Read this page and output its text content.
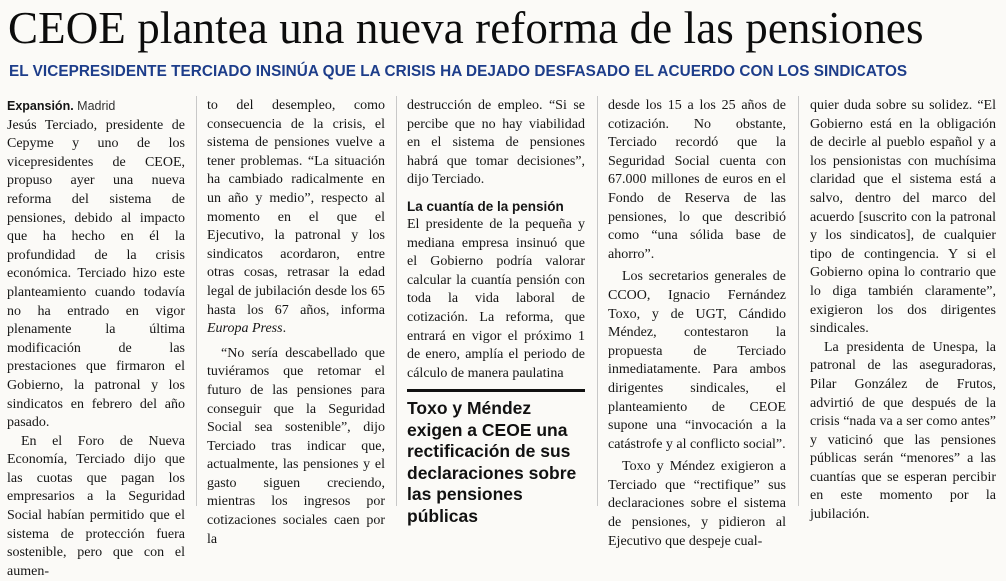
CEOE plantea una nueva reforma de las pensiones
EL VICEPRESIDENTE TERCIADO INSINÚA QUE LA CRISIS HA DEJADO DESFASADO EL ACUERDO CON LOS SINDICATOS

Expansión. Madrid

Jesús Terciado, presidente de Cepyme y uno de los vicepresidentes de CEOE, propuso ayer una nueva reforma del sistema de pensiones, debido al impacto que ha hecho en él la profundidad de la crisis económica. Terciado hizo este planteamiento cuando todavía no ha entrado en vigor plenamente la última modificación de las prestaciones que firmaron el Gobierno, la patronal y los sindicatos en febrero del año pasado.

En el Foro de Nueva Economía, Terciado dijo que las cuotas que pagan los empresarios a la Seguridad Social habían permitido que el sistema de protección fuera sostenible, pero que con el aumen-

to del desempleo, como consecuencia de la crisis, el sistema de pensiones vuelve a tener problemas. “La situación ha cambiado radicalmente en un año y medio”, respecto al momento en el que el Ejecutivo, la patronal y los sindicatos acordaron, entre otras cosas, retrasar la edad legal de jubilación desde los 65 hasta los 67 años, informa Europa Press.

“No sería descabellado que tuviéramos que retomar el futuro de las pensiones para conseguir que la Seguridad Social sea sostenible”, dijo Terciado tras indicar que, actualmente, las pensiones y el gasto siguen creciendo, mientras los ingresos por cotizaciones sociales caen por la

destrucción de empleo. “Si se percibe que no hay viabilidad en el sistema de pensiones habrá que tomar decisiones”, dijo Terciado.

La cuantía de la pensión

El presidente de la pequeña y mediana empresa insinuó que el Gobierno podría valorar calcular la cuantía pensión con toda la vida laboral de cotización. La reforma, que entrará en vigor el próximo 1 de enero, amplía el periodo de cálculo de manera paulatina

Toxo y Méndez exigen a CEOE una rectificación de sus declaraciones sobre las pensiones públicas

desde los 15 a los 25 años de cotización. No obstante, Terciado recordó que la Seguridad Social cuenta con 67.000 millones de euros en el Fondo de Reserva de las pensiones, lo que describió como “una sólida base de ahorro”.

Los secretarios generales de CCOO, Ignacio Fernández Toxo, y de UGT, Cándido Méndez, contestaron la propuesta de Terciado inmediatamente. Para ambos dirigentes sindicales, el planteamiento de CEOE supone una “invocación a la catástrofe y al conflicto social”.

Toxo y Méndez exigieron a Terciado que “rectifique” sus declaraciones sobre el sistema de pensiones, y pidieron al Ejecutivo que despeje cual-

quier duda sobre su solidez. “El Gobierno está en la obligación de decirle al pueblo español y a los pensionistas con muchísima claridad que el sistema está a salvo, dentro del marco del acuerdo [suscrito con la patronal y los sindicatos], de cualquier tipo de contingencia. Y si el Gobierno opina lo contrario que lo diga también claramente”, exigieron los dos dirigentes sindicales.

La presidenta de Unespa, la patronal de las aseguradoras, Pilar González de Frutos, advirtió de que después de la crisis “nada va a ser como antes” y vaticinó que las pensiones públicas serán “menores” a las cuantías que se esperan percibir en este momento por la jubilación.
